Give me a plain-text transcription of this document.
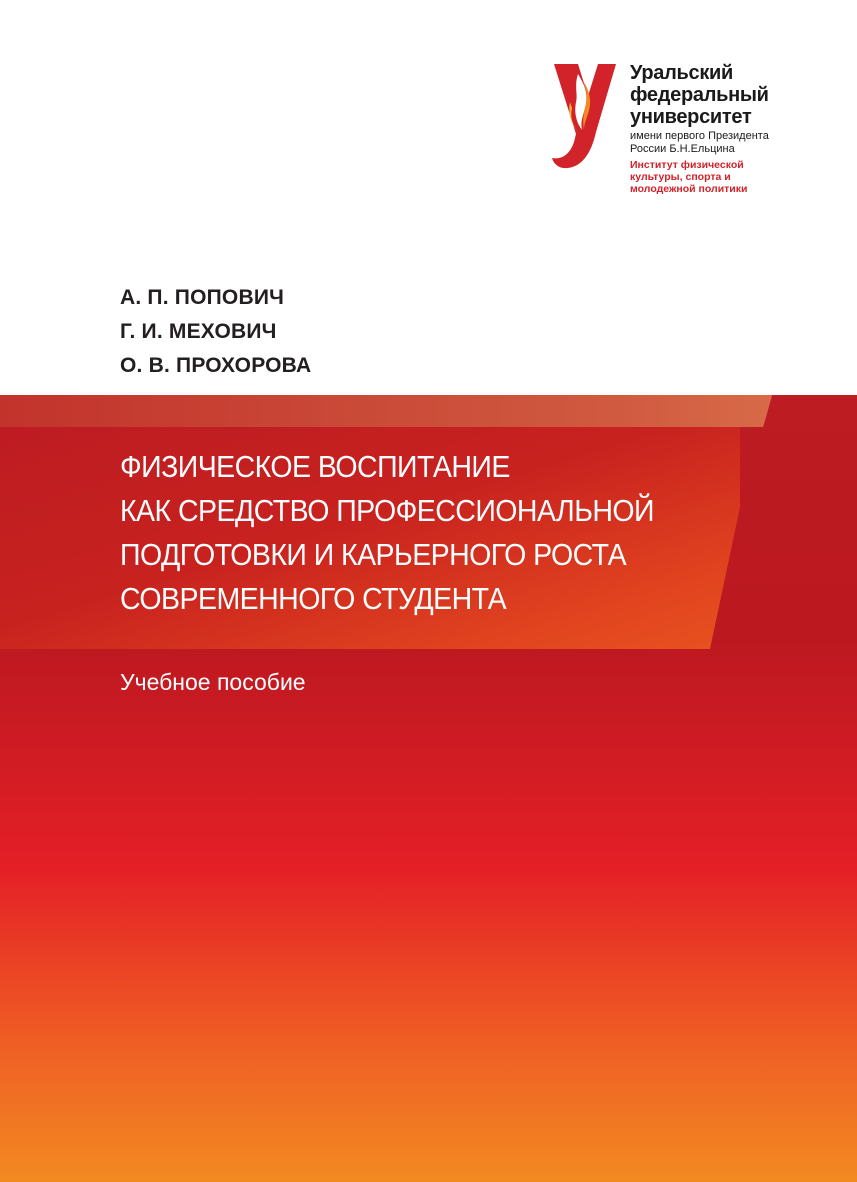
Уральский
федеральный
университет
имени первого Президента
России Б.Н.Ельцина
Институт физической
культуры, спорта и
молодежной политики
А. П. ПОПОВИЧ
Г. И. МЕХОВИЧ
О. В. ПРОХОРОВА
ФИЗИЧЕСКОЕ ВОСПИТАНИЕ
КАК СРЕДСТВО ПРОФЕССИОНАЛЬНОЙ
ПОДГОТОВКИ И КАРЬЕРНОГО РОСТА
СОВРЕМЕННОГО СТУДЕНТА
Учебное пособие
